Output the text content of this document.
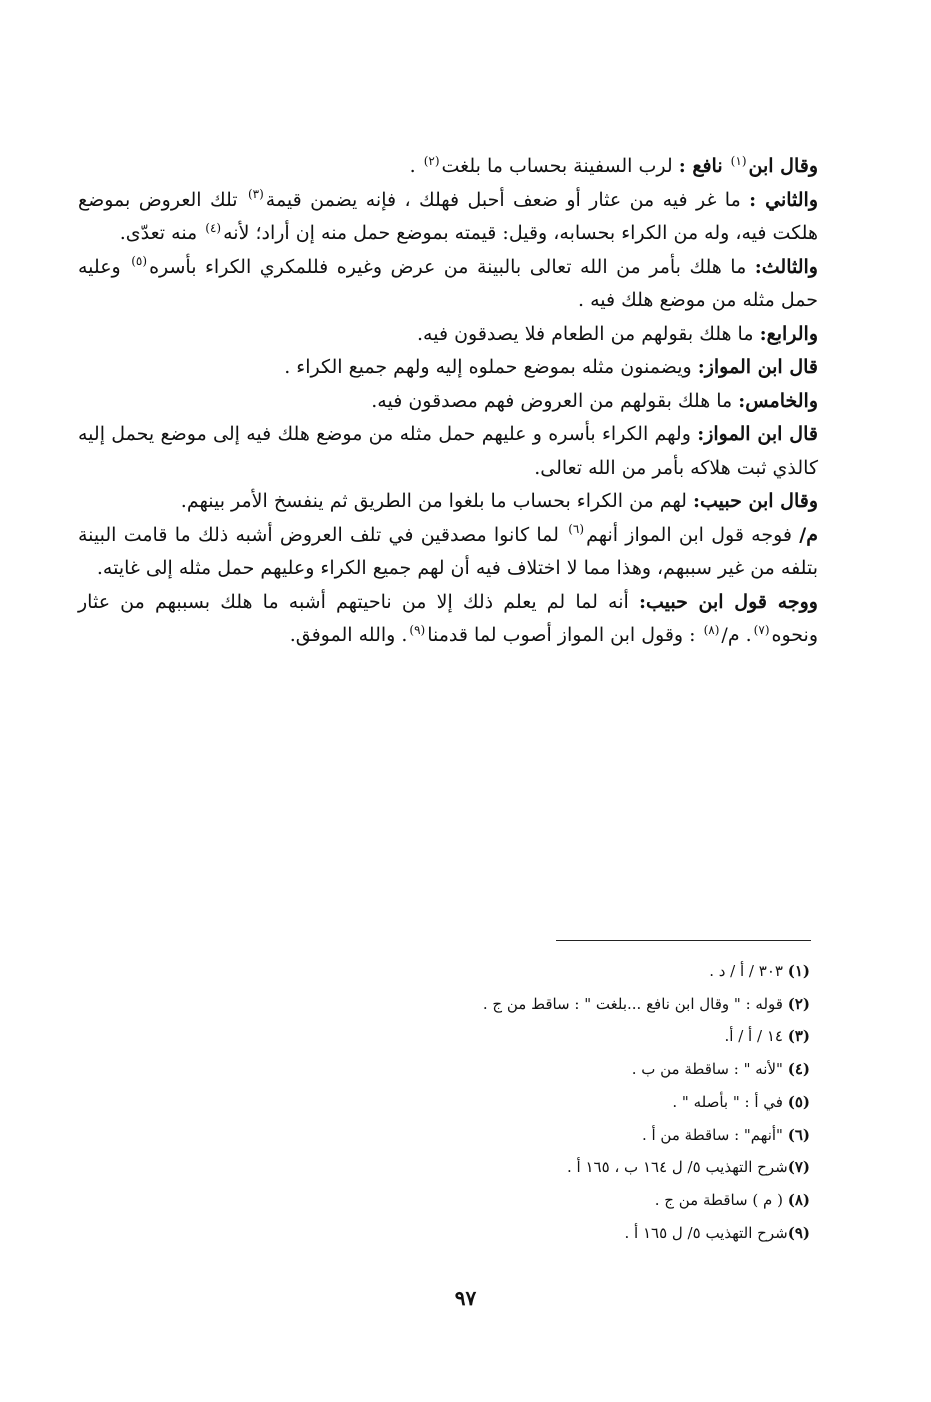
وقال ابن$^{(١)}$ نافع : لرب السفينة بحساب ما بلغت$^{(٢)}$ .

والثاني : ما غر فيه من عثار أو ضعف أحبل فهلك ، فإنه يضمن قيمة$^{(٣)}$ تلك العروض بموضع هلكت فيه، وله من الكراء بحسابه، وقيل: قيمته بموضع حمل منه إن أراد؛ لأنه$^{(٤)}$ منه تعدّى.

والثالث: ما هلك بأمر من الله تعالى بالبينة من عرض وغيره فللمكري الكراء بأسره$^{(٥)}$ وعليه حمل مثله من موضع هلك فيه .

والرابع: ما هلك بقولهم من الطعام فلا يصدقون فيه.

قال ابن المواز: ويضمنون مثله بموضع حملوه إليه ولهم جميع الكراء .

والخامس: ما هلك بقولهم من العروض فهم مصدقون فيه.

قال ابن المواز: ولهم الكراء بأسره و عليهم حمل مثله من موضع هلك فيه إلى موضع يحمل إليه كالذي ثبت هلاكه بأمر من الله تعالى.

وقال ابن حبيب: لهم من الكراء بحساب ما بلغوا من الطريق ثم ينفسخ الأمر بينهم.

م/ فوجه قول ابن المواز أنهم$^{(٦)}$ لما كانوا مصدقين في تلف العروض أشبه ذلك ما قامت البينة بتلفه من غير سببهم، وهذا مما لا اختلاف فيه أن لهم جميع الكراء وعليهم حمل مثله إلى غايته.

ووجه قول ابن حبيب: أنه لما لم يعلم ذلك إلا من ناحيتهم أشبه ما هلك بسببهم من عثار ونحوه$^{(٧)}$. م/$^{(٨)}$ : وقول ابن المواز أصوب لما قدمنا$^{(٩)}$. والله الموفق.

(١) ٣٠٣ / أ / د .
(٢) قوله : " وقال ابن نافع ...بلغت " : ساقط من ج .
(٣) ١٤ / أ / أ.
(٤) "لأنه " : ساقطة من ب .
(٥) في أ : " بأصله " .
(٦) "أنهم" : ساقطة من أ .
(٧)شرح التهذيب ٥/ ل ١٦٤ ب ، ١٦٥ أ .
(٨) ( م ) ساقطة من ج .
(٩)شرح التهذيب ٥/ ل ١٦٥ أ .
٩٧
